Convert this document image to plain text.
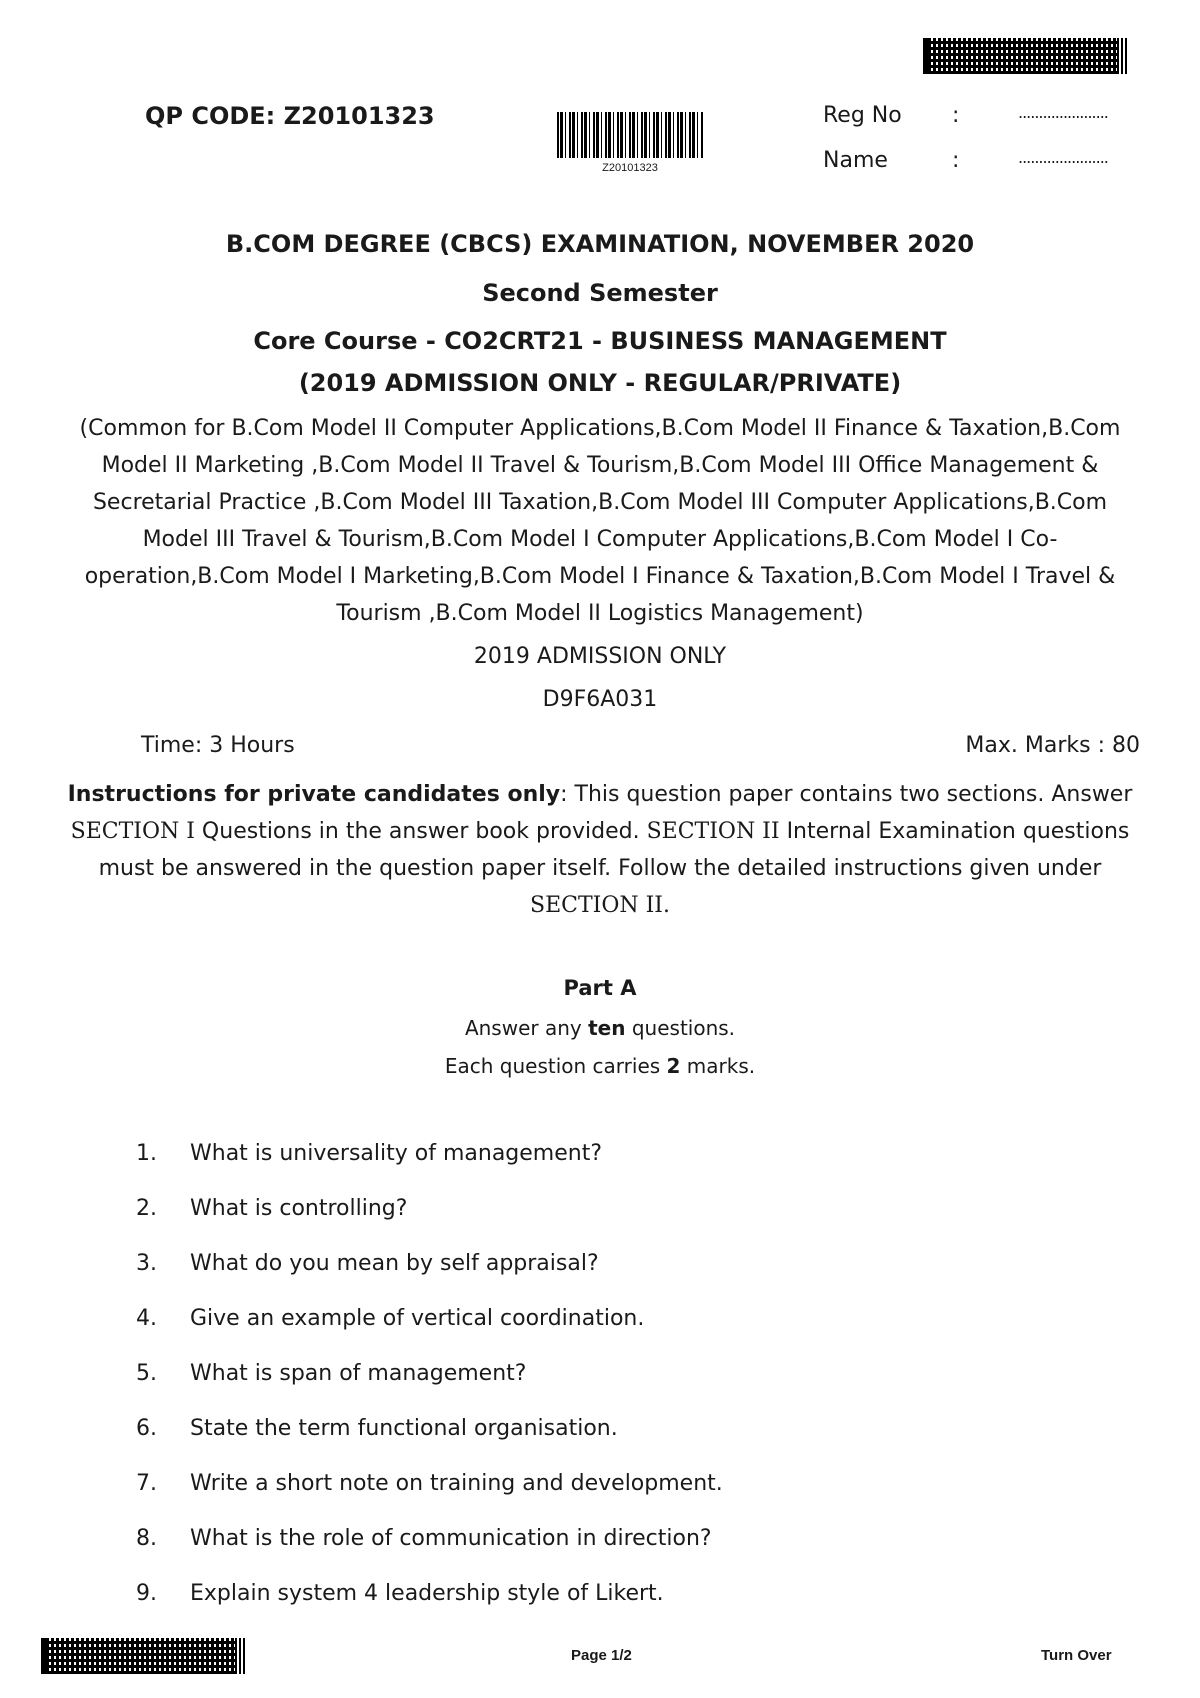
QP CODE: Z20101323
Z20101323
Reg No :	......................
Name	:	......................
B.COM DEGREE (CBCS) EXAMINATION, NOVEMBER 2020
Second Semester
Core Course - CO2CRT21 - BUSINESS MANAGEMENT
(2019 ADMISSION ONLY - REGULAR/PRIVATE)
(Common for B.Com Model II Computer Applications,B.Com Model II Finance & Taxation,B.Com
Model II Marketing ,B.Com Model II Travel & Tourism,B.Com Model III Office Management &
Secretarial Practice ,B.Com Model III Taxation,B.Com Model III Computer Applications,B.Com
Model III Travel & Tourism,B.Com Model I Computer Applications,B.Com Model I Co-
operation,B.Com Model I Marketing,B.Com Model I Finance & Taxation,B.Com Model I Travel &
Tourism ,B.Com Model II Logistics Management)
2019 ADMISSION ONLY
D9F6A031
Time: 3 Hours	Max. Marks : 80
Instructions for private candidates only: This question paper contains two sections. Answer
SECTION I Questions in the answer book provided. SECTION II Internal Examination questions
must be answered in the question paper itself. Follow the detailed instructions given under
SECTION II.
Part A
Answer any ten questions.
Each question carries 2 marks.
1.	What is universality of management?
2.	What is controlling?
3.	What do you mean by self appraisal?
4.	Give an example of vertical coordination.
5.	What is span of management?
6.	State the term functional organisation.
7.	Write a short note on training and development.
8.	What is the role of communication in direction?
9.	Explain system 4 leadership style of Likert.
Page 1/2	Turn Over
